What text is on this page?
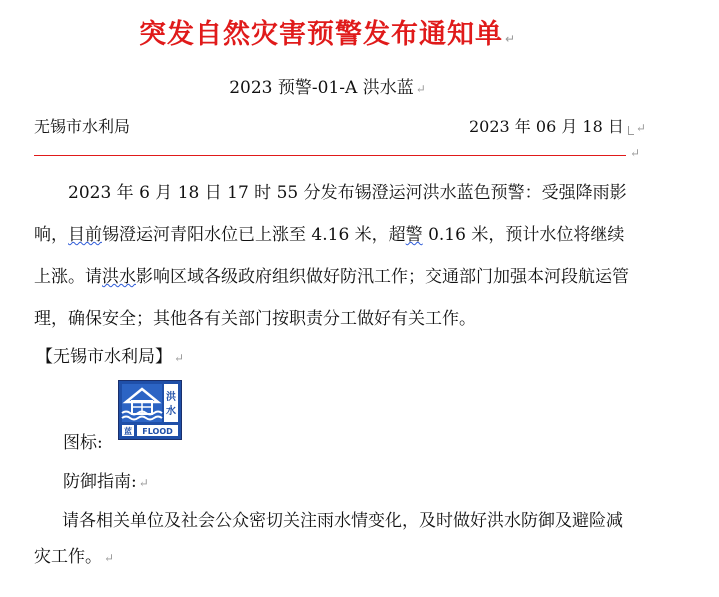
突发自然灾害预警发布通知单 ↵
2023 预警-01-A 洪水蓝 ↵
无锡市水利局	2023 年 06 月 18 日 ↵
↵

2023 年 6 月 18 日 17 时 55 分发布锡澄运河洪水蓝色预警：受强降雨影响，目前锡澄运河青阳水位已上涨至 4.16 米，超警 0.16 米，预计水位将继续上涨。请洪水影响区域各级政府组织做好防汛工作；交通部门加强本河段航运管理，确保安全；其他各有关部门按职责分工做好有关工作。

【无锡市水利局】 ↵
图标:
洪
水
蓝 FLOOD
防御指南: ↵
请各相关单位及社会公众密切关注雨水情变化，及时做好洪水防御及避险减灾工作。 ↵
